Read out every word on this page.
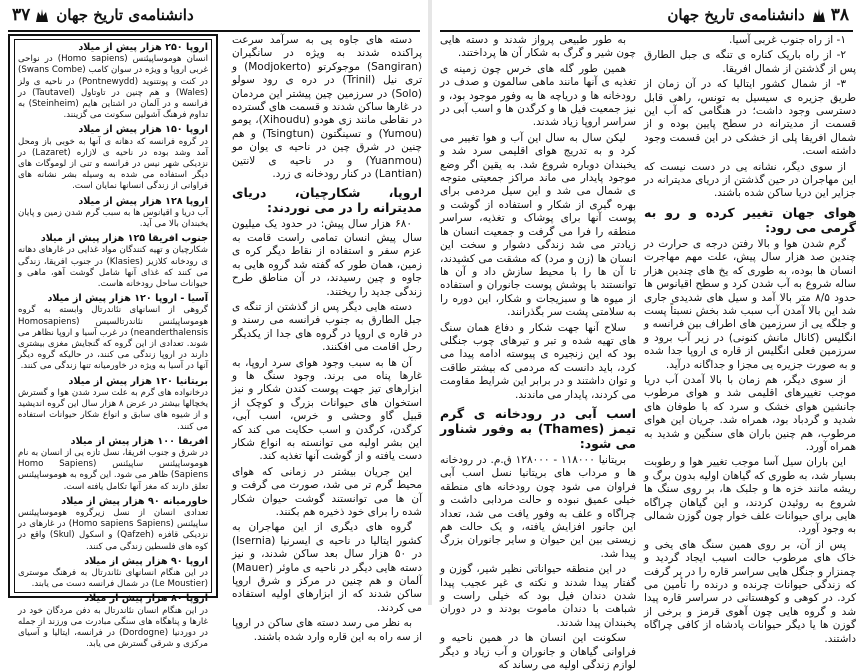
۳۷ دانشنامه‌ی تاریخ جهان

دسته های جاوه یی به سرآمد سرعت پراکنده شدند به ویژه در سانگیران (Sangiran) موجوکرتو (Modjokerto) و تری نیل (Trinil) در دره ی رود سولو (Solo) در سرزمین چین پیشتر این مردمان در غارها ساکن شدند و قسمت های گسترده در نقاطی مانند زی هودو (Xihoudu)، یومو (Yumou) و تسینگتون (Tsingtun) و هم چنین در شرق چین در ناحیه ی یوان مو (Yuanmou) و در ناحیه ی لانتین (Lantian) در کنار رودخانه ی زرد.

اروپا، شکارچیان، دریای مدیترانه را در می نوردند:

۶۸۰ هزار سال پیش: در حدود یک میلیون سال پیش انسان تمامی راست قامت به عزم سفر و استفاده از نقاط دیگر کره ی زمین، همان طور که گفته شد گروه هایی به جاوه و چین رسیدند، در آن مناطق طرح زندگی جدید را ریختند.

دسته هایی دیگر پس از گذشتن از تنگه ی جبل الطارق به جنوب فرانسه می رسند و در قاره ی اروپا در گروه های جدا از یکدیگر رحل اقامت می افکنند.

آن ها به سبب وجود هوای سرد اروپا، به غارها پناه می برند. وجود سنگ ها و ابزارهای تیز جهت پوست کندن شکار و نیز استخوان های حیوانات بزرگ و کوچک از قبیل گاو وحشی و خرس، اسب آبی، کرگدن، کرگدن و اسب حکایت می کند که این بشر اولیه می توانسته به انواع شکار دست یافته و از گوشت آنها تغذیه کند.

این جریان بیشتر در زمانی که هوای محیط گرم تر می شد، صورت می گرفت و آن ها می توانستند گوشت حیوان شکار شده را برای خود ذخیره هم بکنند.

گروه های دیگری از این مهاجران به کشور ایتالیا در ناحیه ی ایسرنیا (Isernia) در ۵۰ هزار سال بعد ساکن شدند، و نیز دسته هایی دیگر در ناحیه ی ماوئر (Mauer) آلمان و هم چنین در مرکز و شرق اروپا ساکن شدند که از ابزارهای اولیه استفاده می کردند.

به نظر می رسد دسته های ساکن در اروپا از سه راه به این قاره وارد شده باشند.

اروپا ۲۵۰ هزار پیش از میلاد
انسان هوموساپیئنس (Homo sapiens) در نواحی غربی اروپا و ویژه در سوان کامب (Swans Combe) در کنت و پونتنوید (Pontnewydd) در ناحیه ی ولز (Wales) و هم چنین در تاوتاول (Tautavel) در فرانسه و در آلمان در اشتاین هایم (Steinheim) به تداوم فرهنگ آشولین سکونت می گزینند.
اروپا ۱۵۰ هزار پیش از میلاد
در گروه فرانسه که دهانه ی آنها به خوبی باز ومحل آمد وشد بوده در ناحیه ی لازاره (Lazaret) در نزدیکی شهر نیس در فرانسه و تنی از لوموگات های دیگر استفاده می شده به وسیله بشر نشانه های فراوانی از زندگی انسانها نمایان است.
اروپا ۱۲۸ هزار پیش از میلاد
آب دریا و اقیانوس ها به سبب گرم شدن زمین و پایان یخبندان بالا می آید.
جنوب افریقا ۱۲۵ هزار پیش از میلاد
شکارچیان و تهیه کنندگان مواد غذایی در غارهای دهانه ی رودخانه کلازیز (Klasies) در جنوب افریقا، زندگی می کنند که غذای آنها شامل گوشت آهو، ماهی و حیوانات ساحل رودخانه هاست.
آسیا - اروپا ۱۲۰ هزار پیش از میلاد
گروهی از انسانهای نئاندرتال وابسته به گروه هوموساپیئنس نئاندرتالسیس (Homosapiens neanderthalensis) در غرب آسیا و اروپا نظاهر می شوند. تعدادی از این گروه که گنجایش مغزی بیشتری دارند در اروپا زندگی می کنند، در حالیکه گروه دیگر آنها در آسیا به ویژه در خاورمیانه تنها زندگی می کنند.
بریتانیا ۱۲۰ هزار پیش از میلاد
درخانواده های گرم به علت سرد شدن هوا و گسترش یخچالها بیشتر در عرض ۸ هزار سال این گروه اندیشید و از شیوه های سابق و انواع شکار حیوانات استفاده می کنند.
افریقا ۱۰۰ هزار پیش از میلاد
در شرق و جنوب افریقا، نسل تازه یی از انسان به نام هوموساپیئنس ساپیئنس (Homo Sapiens Sapiens) ظاهر می شود. این گروه به هوموساپیئنس تعلق دارند که مغز آنها تکامل یافته است.
خاورمیانه ۹۰ هزار پیش از میلاد
تعدادی انسان از نسل زیرگروه هوموساپیئنس ساپیئنس (Homo sapiens Sapiens) در غارهای در نزدیکی قافزه (Qafzeh) و اسکول (Skul) واقع در کوه های فلسطین زندگی می کنند.
اروپا ۹۰ هزار پیش از میلاد
در این هنگام انسانهای نئاندرتال به فرهنگ موستری (Le Moustier) در شمال فرانسه دست می یابند.
اروپا ۸۰ هزار پیش از میلاد
در این هنگام انسان نئاندرتال به دفن مردگان خود در غارها و پناهگاه های سنگی مبادرت می ورزند از جمله در دوردنیا (Dordogne) در فرانسه، ایتالیا و آسیای مرکزی و شرقی گسترش می یابد.
دانشنامه‌ی تاریخ جهان ۳۸

۱- از راه جنوب غربی آسیا.

۲- از راه باریک کناره ی تنگه ی جبل الطارق پس از گذشتن از شمال افریقا.

۳- از شمال کشور ایتالیا که در آن زمان از طریق جزیره ی سیسیل به تونس، راهی قابل دسترسی وجود داشت؛ در هنگامی که آب این قسمت از مدیترانه در سطح پایین بوده و از شمال افریقا پلی از خشکی در این قسمت وجود داشته است.

از سوی دیگر، نشانه یی در دست نیست که این مهاجران در حین گذشتن از دریای مدیترانه در جزایر این دریا ساکن شده باشند.

هوای جهان تغییر کرده و رو به گرمی می رود:

گرم شدن هوا و بالا رفتن درجه ی حرارت در چندین صد هزار سال پیش، علت مهم مهاجرت انسان ها بوده، به طوری که یخ های چندین هزار ساله شروع به آب شدن کرد و سطح اقیانوس ها حدود ۸/۵ متر بالا آمد و سیل های شدیدی جاری شد این بالا آمدن آب سبب شد بخش نسبتاً پست و جلگه یی از سرزمین های اطراف بین فرانسه و انگلیس (کانال مانش کنونی) در زیر آب برود و سرزمین فعلی انگلیس از قاره ی اروپا جدا شده و به صورت جزیره یی مجزا و جداگانه درآید.

از سوی دیگر، هم زمان با بالا آمدن آب دریا موجب تغییرهای اقلیمی شد و هوای مرطوب جانشین هوای خشک و سرد که با طوفان های شدید و گردباد بود، همراه شد. جریان این هوای مرطوب، هم چنین باران های سنگین و شدید به همراه آورد.

این باران سیل آسا موجب تغییر هوا و رطوبت بسیار شد، به طوری که گیاهان اولیه بدون برگ و ریشه مانند خزه ها و جلبک ها، بر روی سنگ ها شروع به روئیدن کردند، و این گیاهان چراگاه هایی برای حیوانات علف خوار چون گوزن شمالی به وجود آورد.

پس از آن، بر روی همین سنگ های یخی و خاک های مرطوب حالت اسیب ایجاد گردید و چمنزار و جنگل هایی سراسر قاره را در بر گرفت که زندگی حیوانات چرنده و درنده را تأمین می کرد. در کوهی و کوهستانی در سراسر قاره پیدا شد و گروه هایی چون آهوی قرمز و برخی از گوزن ها یا دیگر حیوانات پادشاه از کافی چراگاه داشتند.

به طور طبیعی پرواز شدند و دسته هایی چون شیر و گرگ به شکار آن ها پرداختند.

همین طور گله های خرس چون زمینه ی تغذیه ی آنها مانند ماهی سالمون و صدف در رودخانه ها و دریاچه ها به وفور موجود بود، و نیز جمعیت فیل ها و کرگدن ها و اسب آبی در سراسر اروپا زیاد شدند.

لیکن سال به سال این آب و هوا تغییر می کرد و به تدریج هوای اقلیمی سرد شد و یخبندان دوباره شروع شد. به یقین اگر وضع موجود پایدار می ماند مراکز جمعیتی متوجه ی شمال می شد و این سیل مردمی برای بهره گیری از شکار و استفاده از گوشت و پوست آنها برای پوشاک و تغذیه، سراسر منطقه را فرا می گرفت و جمعیت انسان ها زیادتر می شد زندگی دشوار و سخت این انسان ها (زن و مرد) که مشقت می کشیدند، تا آن ها را با محیط سازش داد و آن ها توانستند با پوشش پوست جانوران و استفاده از میوه ها و سبزیجات و شکار، این دوره را به سلامتی پشت سر بگذرانند.

سلاح آنها جهت شکار و دفاع همان سنگ های تهیه شده و تبر و تیرهای چوب جنگلی بود که این زنجیره ی پیوسته ادامه پیدا می کرد، باید دانست که مردمی که بیشتر طاقت و توان داشتند و در برابر این شرایط مقاومت می کردند، پایدار می ماندند.

اسب آبی در رودخانه ی گرم تیمز (Thames) به وفور شناور می شود:

بریتانیا ۱۱۸۰۰۰ - ۱۲۸۰۰۰ ق.م. در رودخانه ها و مرداب های بریتانیا نسل اسب آبی فراوان می شود چون رودخانه های منطقه خیلی عمیق نبوده و حالت مردابی داشت و چراگاه و علف به وفور یافت می شد، تعداد این جانور افزایش یافته، و یک حالت هم زیستی بین این حیوان و سایر جانوران بزرگ پیدا شد.

در این منطقه حیواناتی نظیر شیر، گوزن و گفتار پیدا شدند و نکته ی غیر عجیب پیدا شدن دندان فیل بود که خیلی راست و شباهت با دندان ماموت بودند و در دوران پخبندان پیدا شدند.

سکونت این انسان ها در همین ناحیه و فراوانی گیاهان و جانوران و آب زیاد و دیگر لوازم زندگی اولیه می رساند که
